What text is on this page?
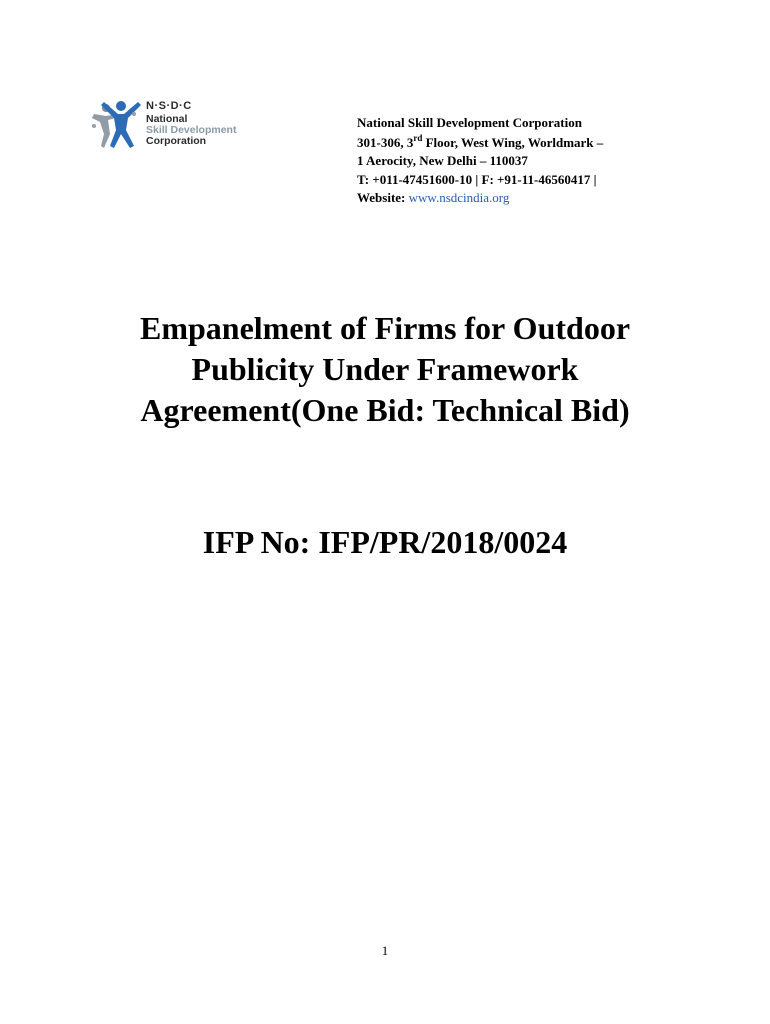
N·S·D·C
National
Skill Development
Corporation
National Skill Development Corporation
301-306, 3rd Floor, West Wing, Worldmark –
1 Aerocity, New Delhi – 110037
T: +011-47451600-10 | F: +91-11-46560417 |
Website: www.nsdcindia.org
Empanelment of Firms for Outdoor
Publicity Under Framework
Agreement(One Bid: Technical Bid)
IFP No: IFP/PR/2018/0024
1
